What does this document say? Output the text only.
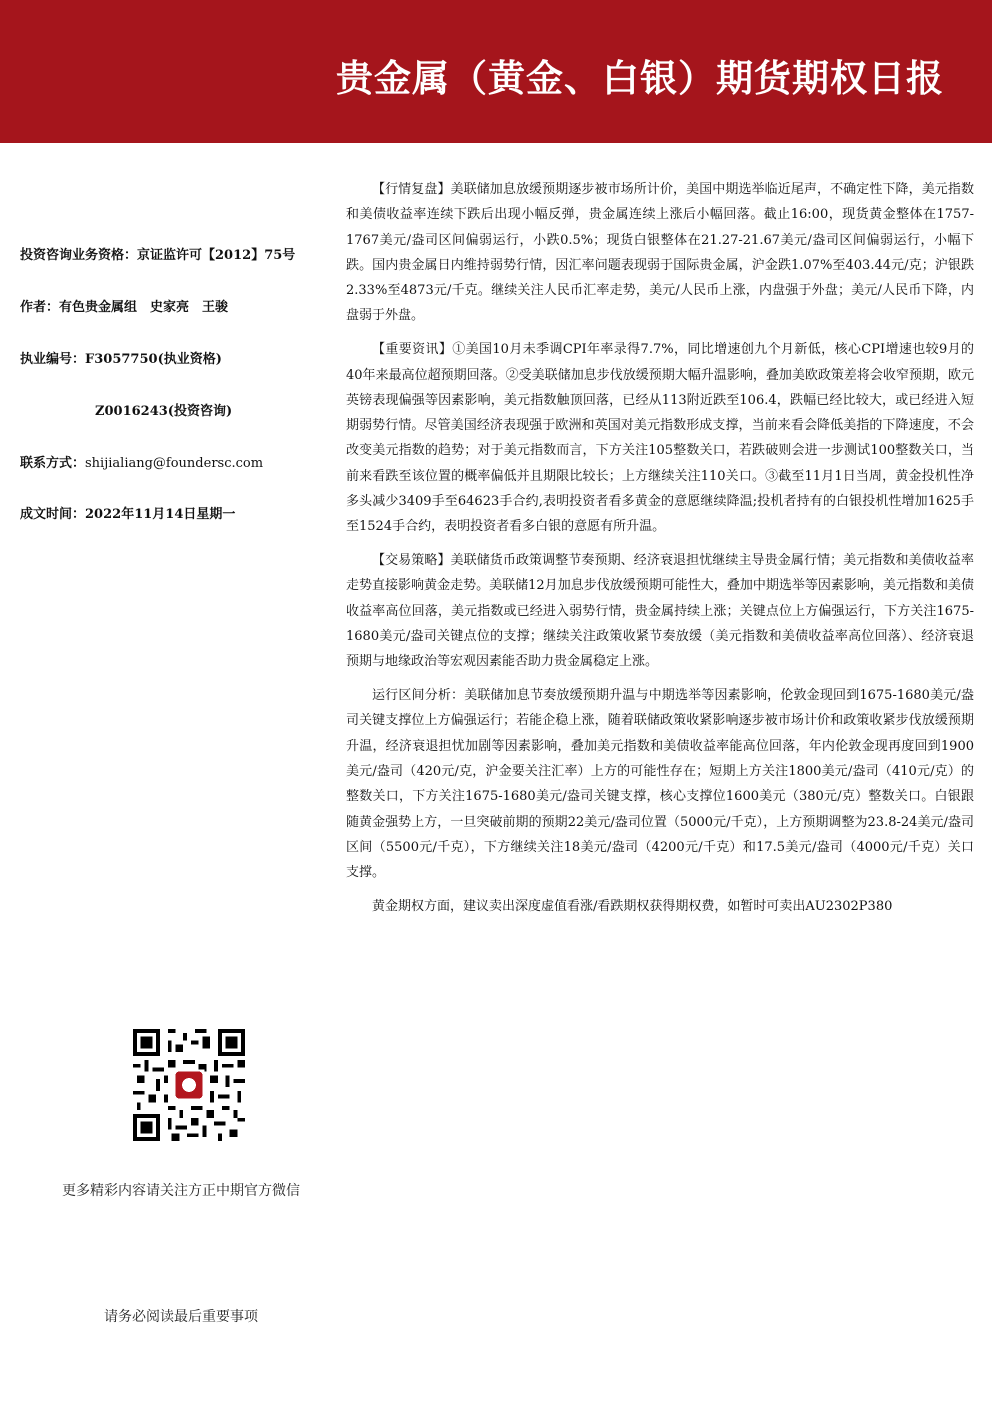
贵金属（黄金、白银）期货期权日报
投资咨询业务资格：京证监许可【2012】75号
作者：有色贵金属组　史家亮　王骏
执业编号：F3057750(执业资格)
Z0016243(投资咨询)
联系方式：shijialiang@foundersc.com
成文时间：2022年11月14日星期一
更多精彩内容请关注方正中期官方微信
请务必阅读最后重要事项

【行情复盘】美联储加息放缓预期逐步被市场所计价，美国中期选举临近尾声，不确定性下降，美元指数和美债收益率连续下跌后出现小幅反弹，贵金属连续上涨后小幅回落。截止16:00，现货黄金整体在1757-1767美元/盎司区间偏弱运行，小跌0.5%；现货白银整体在21.27-21.67美元/盎司区间偏弱运行，小幅下跌。国内贵金属日内维持弱势行情，因汇率问题表现弱于国际贵金属，沪金跌1.07%至403.44元/克；沪银跌2.33%至4873元/千克。继续关注人民币汇率走势，美元/人民币上涨，内盘强于外盘；美元/人民币下降，内盘弱于外盘。

【重要资讯】①美国10月未季调CPI年率录得7.7%，同比增速创九个月新低，核心CPI增速也较9月的40年来最高位超预期回落。②受美联储加息步伐放缓预期大幅升温影响，叠加美欧政策差将会收窄预期，欧元英镑表现偏强等因素影响，美元指数触顶回落，已经从113附近跌至106.4，跌幅已经比较大，或已经进入短期弱势行情。尽管美国经济表现强于欧洲和英国对美元指数形成支撑，当前来看会降低美指的下降速度，不会改变美元指数的趋势；对于美元指数而言，下方关注105整数关口，若跌破则会进一步测试100整数关口，当前来看跌至该位置的概率偏低并且期限比较长；上方继续关注110关口。③截至11月1日当周，黄金投机性净多头减少3409手至64623手合约,表明投资者看多黄金的意愿继续降温;投机者持有的白银投机性增加1625手至1524手合约，表明投资者看多白银的意愿有所升温。

【交易策略】美联储货币政策调整节奏预期、经济衰退担忧继续主导贵金属行情；美元指数和美债收益率走势直接影响黄金走势。美联储12月加息步伐放缓预期可能性大，叠加中期选举等因素影响，美元指数和美债收益率高位回落，美元指数或已经进入弱势行情，贵金属持续上涨；关键点位上方偏强运行，下方关注1675-1680美元/盎司关键点位的支撑；继续关注政策收紧节奏放缓（美元指数和美债收益率高位回落）、经济衰退预期与地缘政治等宏观因素能否助力贵金属稳定上涨。

运行区间分析：美联储加息节奏放缓预期升温与中期选举等因素影响，伦敦金现回到1675-1680美元/盎司关键支撑位上方偏强运行；若能企稳上涨，随着联储政策收紧影响逐步被市场计价和政策收紧步伐放缓预期升温，经济衰退担忧加剧等因素影响，叠加美元指数和美债收益率能高位回落，年内伦敦金现再度回到1900美元/盎司（420元/克，沪金要关注汇率）上方的可能性存在；短期上方关注1800美元/盎司（410元/克）的整数关口，下方关注1675-1680美元/盎司关键支撑，核心支撑位1600美元（380元/克）整数关口。白银跟随黄金强势上方，一旦突破前期的预期22美元/盎司位置（5000元/千克），上方预期调整为23.8-24美元/盎司区间（5500元/千克），下方继续关注18美元/盎司（4200元/千克）和17.5美元/盎司（4000元/千克）关口支撑。

黄金期权方面，建议卖出深度虚值看涨/看跌期权获得期权费，如暂时可卖出AU2302P380
